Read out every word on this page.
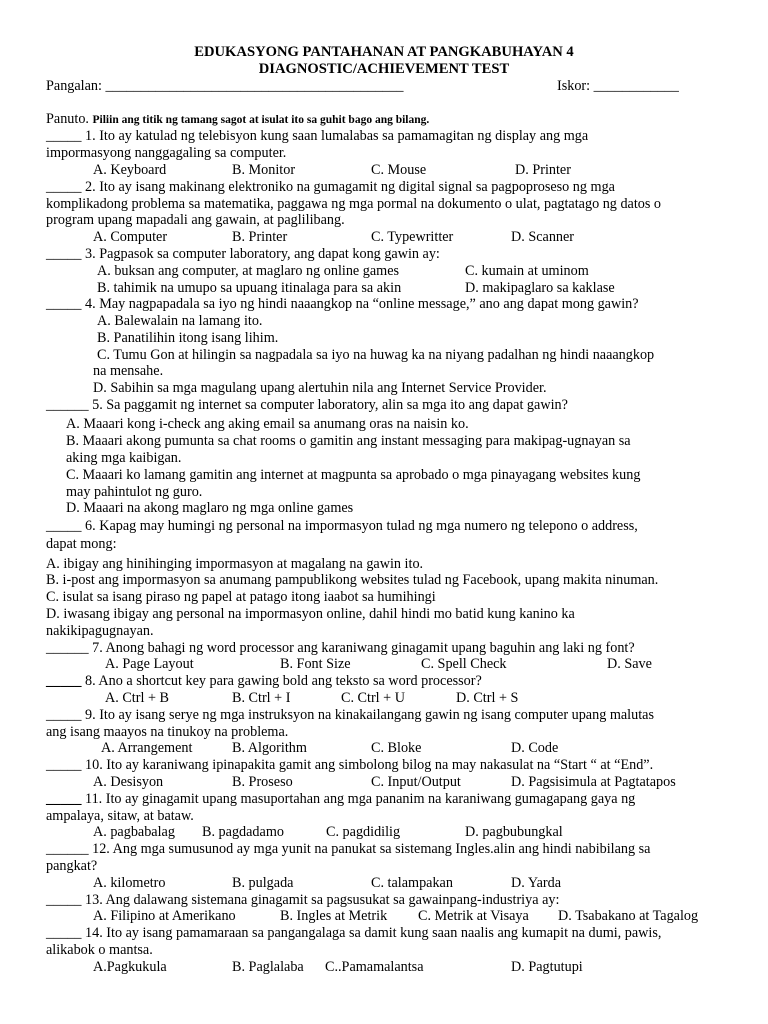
EDUKASYONG PANTAHANAN AT PANGKABUHAYAN 4
DIAGNOSTIC/ACHIEVEMENT TEST
Pangalan: __________________________________________	Iskor: ____________
Panuto. Piliin ang titik ng tamang sagot at isulat ito sa guhit bago ang bilang.
_____ 1. Ito ay katulad ng telebisyon kung saan lumalabas sa pamamagitan ng display ang mga
impormasyong nanggagaling sa computer.
A. Keyboard	B. Monitor	C. Mouse	D. Printer
_____ 2. Ito ay isang makinang elektroniko na gumagamit ng digital signal sa pagpoproseso ng mga
komplikadong problema sa matematika, paggawa ng mga pormal na dokumento o ulat, pagtatago ng datos o
program upang mapadali ang gawain, at paglilibang.
A. Computer	B. Printer	C. Typewritter	D. Scanner
_____ 3. Pagpasok sa computer laboratory, ang dapat kong gawin ay:
A. buksan ang computer, at maglaro ng online games	C. kumain at uminom
B. tahimik na umupo sa upuang itinalaga para sa akin	D. makipaglaro sa kaklase
_____ 4. May nagpapadala sa iyo ng hindi naaangkop na “online message,” ano ang dapat mong gawin?
A. Balewalain na lamang ito.
B. Panatilihin itong isang lihim.
C. Tumu Gon at hilingin sa nagpadala sa iyo na huwag ka na niyang padalhan ng hindi naaangkop
na mensahe.
D. Sabihin sa mga magulang upang alertuhin nila ang Internet Service Provider.
______ 5. Sa paggamit ng internet sa computer laboratory, alin sa mga ito ang dapat gawin?
A. Maaari kong i-check ang aking email sa anumang oras na naisin ko.
B. Maaari akong pumunta sa chat rooms o gamitin ang instant messaging para makipag-ugnayan sa
aking mga kaibigan.
C. Maaari ko lamang gamitin ang internet at magpunta sa aprobado o mga pinayagang websites kung
may pahintulot ng guro.
D. Maaari na akong maglaro ng mga online games
_____ 6. Kapag may humingi ng personal na impormasyon tulad ng mga numero ng telepono o address,
dapat mong:
A. ibigay ang hinihinging impormasyon at magalang na gawin ito.
B. i-post ang impormasyon sa anumang pampublikong websites tulad ng Facebook, upang makita ninuman.
C. isulat sa isang piraso ng papel at patago itong iaabot sa humihingi
D. iwasang ibigay ang personal na impormasyon online, dahil hindi mo batid kung kanino ka
nakikipagugnayan.
______ 7. Anong bahagi ng word processor ang karaniwang ginagamit upang baguhin ang laki ng font?
A. Page Layout	B. Font Size	C. Spell Check	D. Save
_____ 8. Ano a shortcut key para gawing bold ang teksto sa word processor?
A. Ctrl + B	B. Ctrl + I	C. Ctrl + U	D. Ctrl + S
_____ 9. Ito ay isang serye ng mga instruksyon na kinakailangang gawin ng isang computer upang malutas
ang isang maayos na tinukoy na problema.
A. Arrangement	B. Algorithm	C. Bloke	D. Code
_____ 10. Ito ay karaniwang ipinapakita gamit ang simbolong bilog na may nakasulat na “Start “ at “End”.
A. Desisyon	B. Proseso	C. Input/Output	D. Pagsisimula at Pagtatapos
_____ 11. Ito ay ginagamit upang masuportahan ang mga pananim na karaniwang gumagapang gaya ng
ampalaya, sitaw, at bataw.
A. pagbabalag B. pagdadamo	C. pagdidilig	D. pagbubungkal
______ 12. Ang mga sumusunod ay mga yunit na panukat sa sistemang Ingles.alin ang hindi nabibilang sa
pangkat?
A. kilometro	B. pulgada	C. talampakan	D. Yarda
_____ 13. Ang dalawang sistemana ginagamit sa pagsusukat sa gawainpang-industriya ay:
A. Filipino at Amerikano	B. Ingles at Metrik C. Metrik at Visaya D. Tsabakano at Tagalog
_____ 14. Ito ay isang pamamaraan sa pangangalaga sa damit kung saan naalis ang kumapit na dumi, pawis,
alikabok o mantsa.
A.Pagkukula	B. Paglalaba C..Pamamalantsa	D. Pagtutupi
